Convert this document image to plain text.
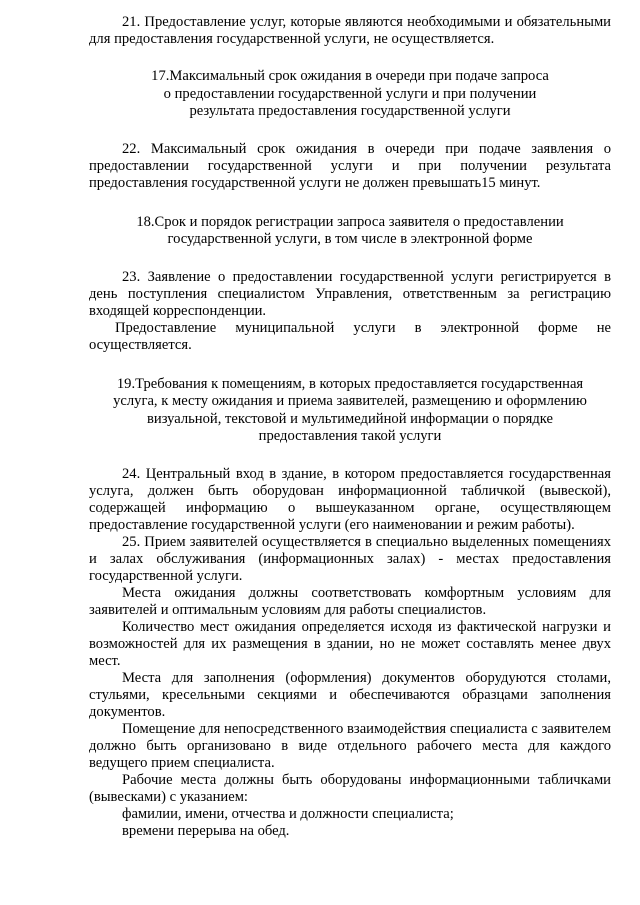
21. Предоставление услуг, которые являются необходимыми и обязательными для предоставления государственной услуги, не осуществляется.

17.Максимальный срок ожидания в очереди при подаче запроса
о предоставлении государственной услуги и при получении
результата предоставления государственной услуги

22. Максимальный срок ожидания в очереди при подаче заявления о предоставлении государственной услуги и при получении результата предоставления государственной услуги не должен превышать15 минут.

18.Срок и порядок регистрации запроса заявителя о предоставлении
государственной услуги, в том числе в электронной форме

23. Заявление о предоставлении государственной услуги регистрируется в день поступления специалистом Управления, ответственным за регистрацию входящей корреспонденции.

Предоставление муниципальной услуги в электронной форме не осуществляется.

19.Требования к помещениям, в которых предоставляется государственная
услуга, к месту ожидания и приема заявителей, размещению и оформлению
визуальной, текстовой и мультимедийной информации о порядке
предоставления такой услуги

24. Центральный вход в здание, в котором предоставляется государственная услуга, должен быть оборудован информационной табличкой (вывеской), содержащей информацию о вышеуказанном органе, осуществляющем предоставление государственной услуги (его наименовании и режим работы).

25. Прием заявителей осуществляется в специально выделенных помещениях и залах обслуживания (информационных залах) - местах предоставления государственной услуги.

Места ожидания должны соответствовать комфортным условиям для заявителей и оптимальным условиям для работы специалистов.

Количество мест ожидания определяется исходя из фактической нагрузки и возможностей для их размещения в здании, но не может составлять менее двух мест.

Места для заполнения (оформления) документов оборудуются столами, стульями, кресельными секциями и обеспечиваются образцами заполнения документов.

Помещение для непосредственного взаимодействия специалиста с заявителем должно быть организовано в виде отдельного рабочего места для каждого ведущего прием специалиста.

Рабочие места должны быть оборудованы информационными табличками (вывесками) с указанием:

фамилии, имени, отчества и должности специалиста;

времени перерыва на обед.
